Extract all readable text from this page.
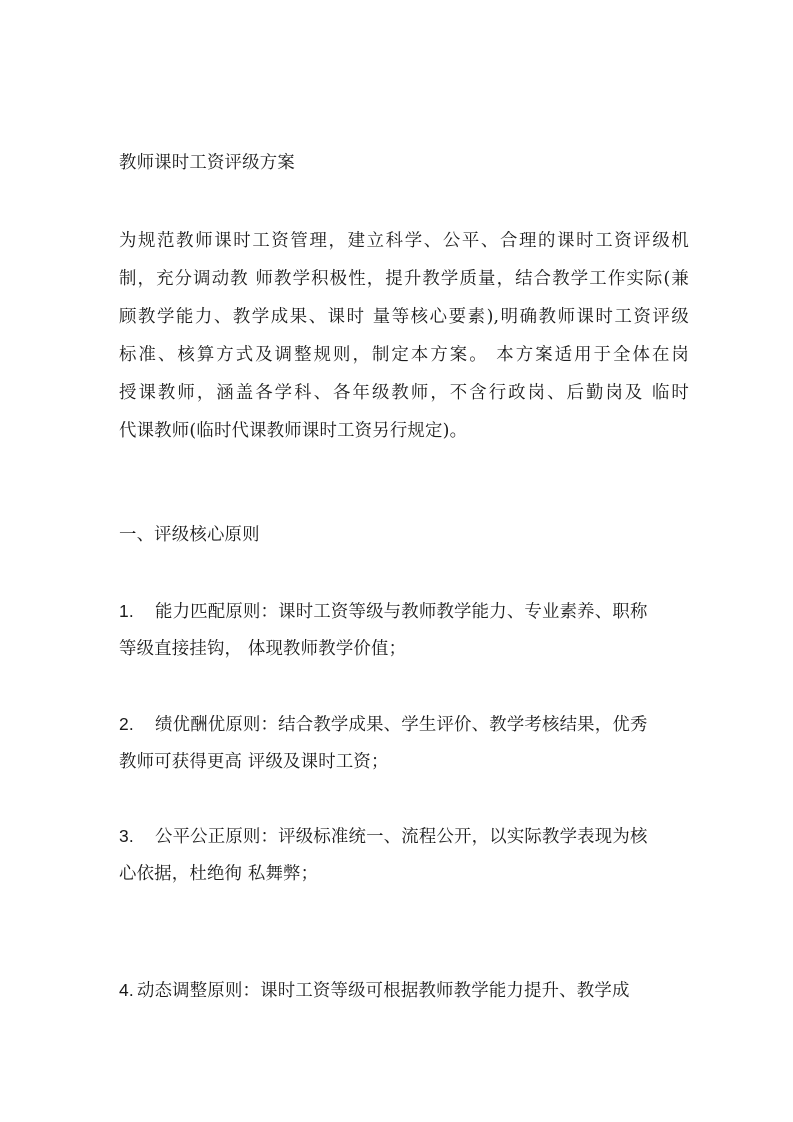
教师课时工资评级方案
为规范教师课时工资管理，建立科学、公平、合理的课时工资评级机
制，充分调动教 师教学积极性，提升教学质量，结合教学工作实际(兼
顾教学能力、教学成果、课时 量等核心要素),明确教师课时工资评级
标准、核算方式及调整规则，制定本方案。 本方案适用于全体在岗
授课教师，涵盖各学科、各年级教师，不含行政岗、后勤岗及 临时
代课教师(临时代课教师课时工资另行规定)。
一、评级核心原则
1. 能力匹配原则：课时工资等级与教师教学能力、专业素养、职称
等级直接挂钩， 体现教师教学价值；
2. 绩优酬优原则：结合教学成果、学生评价、教学考核结果，优秀
教师可获得更高 评级及课时工资；
3. 公平公正原则：评级标准统一、流程公开，以实际教学表现为核
心依据，杜绝徇 私舞弊；
4. 动态调整原则：课时工资等级可根据教师教学能力提升、教学成
